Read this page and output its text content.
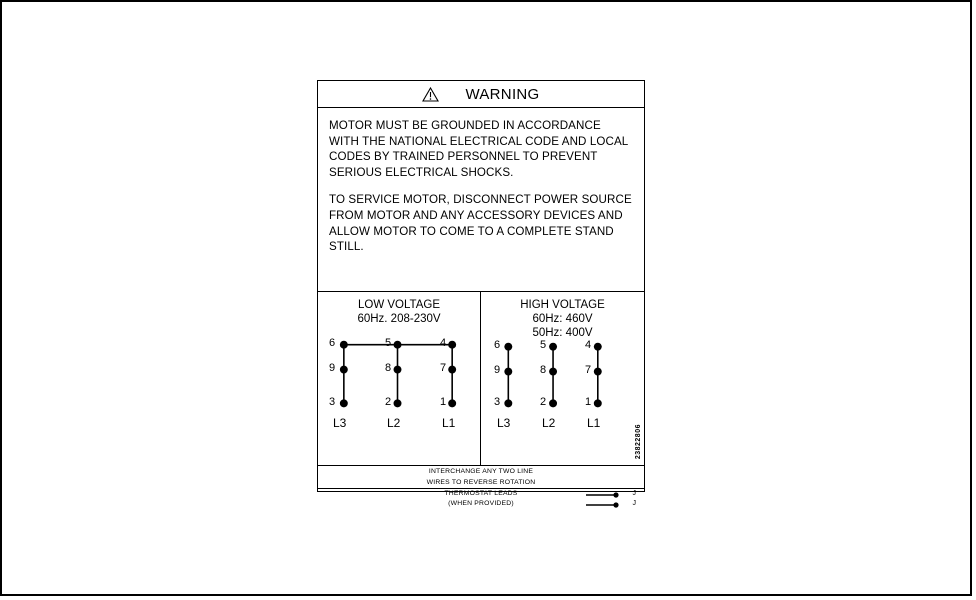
WARNING

MOTOR MUST BE GROUNDED IN ACCORDANCE WITH THE NATIONAL ELECTRICAL CODE AND LOCAL CODES BY TRAINED PERSONNEL TO PREVENT SERIOUS ELECTRICAL SHOCKS.

TO SERVICE MOTOR, DISCONNECT POWER SOURCE FROM MOTOR AND ANY ACCESSORY DEVICES AND ALLOW MOTOR TO COME TO A COMPLETE STAND STILL.

LOW VOLTAGE
60Hz. 208-230V
6	5	4
9	8	7
3	2	1
L3	L2	L1
HIGH VOLTAGE
60Hz: 460V
50Hz: 400V
6	5	4
9	8	7
3	2	1
L3	L2	L1
23822806
INTERCHANGE ANY TWO LINE
WIRES TO REVERSE ROTATION
THERMOSTAT LEADS
(WHEN PROVIDED)
J
J
